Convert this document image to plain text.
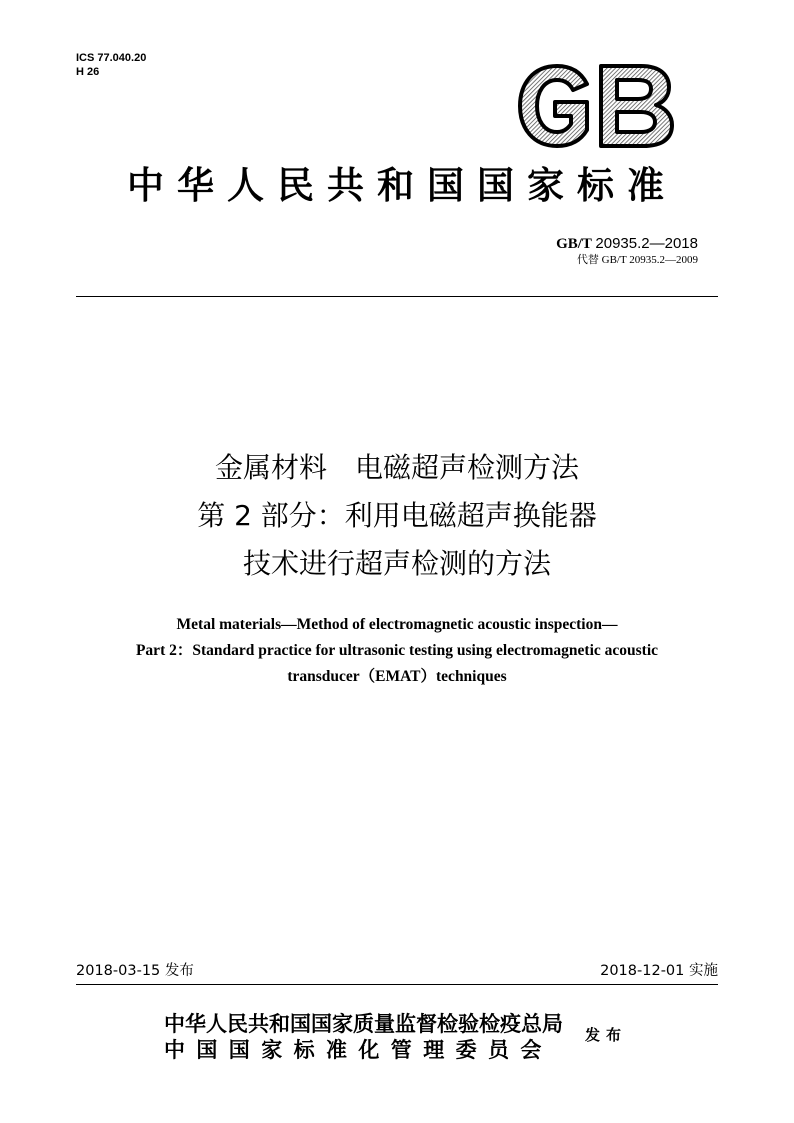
ICS 77.040.20
H 26
中华人民共和国国家标准
GB/T 20935.2—2018
代替 GB/T 20935.2—2009
金属材料　电磁超声检测方法
第 2 部分：利用电磁超声换能器
技术进行超声检测的方法
Metal materials—Method of electromagnetic acoustic inspection—
Part 2：Standard practice for ultrasonic testing using electromagnetic acoustic
transducer（EMAT）techniques
2018-03-15 发布	2018-12-01 实施
中华人民共和国国家质量监督检验检疫总局
中国国家标准化管理委员会
发布
